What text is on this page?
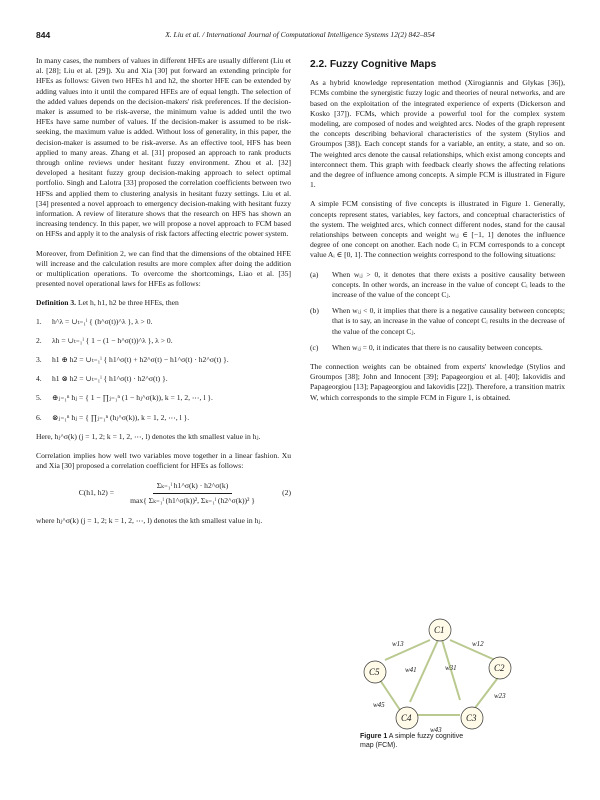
844	X. Liu et al. / International Journal of Computational Intelligence Systems 12(2) 842–854

In many cases, the numbers of values in different HFEs are usually different (Liu et al. [28]; Liu et al. [29]). Xu and Xia [30] put forward an extending principle for HFEs as follows: Given two HFEs h1 and h2, the shorter HFE can be extended by adding values into it until the compared HFEs are of equal length. The selection of the added values depends on the decision-makers' risk preferences. If the decision-maker is assumed to be risk-averse, the minimum value is added until the two HFEs have same number of values. If the decision-maker is assumed to be risk-seeking, the maximum value is added. Without loss of generality, in this paper, the decision-maker is assumed to be risk-averse. As an effective tool, HFS has been applied to many areas. Zhang et al. [31] proposed an approach to rank products through online reviews under hesitant fuzzy environment. Zhou et al. [32] developed a hesitant fuzzy group decision-making approach to select optimal portfolio. Singh and Lalotra [33] proposed the correlation coefficients between two HFSs and applied them to clustering analysis in hesitant fuzzy settings. Liu et al. [34] presented a novel approach to emergency decision-making with hesitant fuzzy information. A review of literature shows that the research on HFS has shown an increasing tendency. In this paper, we will propose a novel approach to FCM based on HFSs and apply it to the analysis of risk factors affecting electric power system.

Moreover, from Definition 2, we can find that the dimensions of the obtained HFE will increase and the calculation results are more complex after doing the addition or multiplication operations. To overcome the shortcomings, Liao et al. [35] presented novel operational laws for HFEs as follows:

Definition 3. Let h, h1, h2 be three HFEs, then
1.	h^λ = ∪ₜ₌₁ˡ { (h^σ(t))^λ }, λ > 0.
2.	λh = ∪ₜ₌₁ˡ { 1 − (1 − h^σ(t))^λ }, λ > 0.
3.	h1 ⊕ h2 = ∪ₜ₌₁ˡ { h1^σ(t) + h2^σ(t) − h1^σ(t) · h2^σ(t) }.
4.	h1 ⊗ h2 = ∪ₜ₌₁ˡ { h1^σ(t) · h2^σ(t) }.
5.	⊕ⱼ₌₁ⁿ hⱼ = { 1 − ∏ⱼ₌₁ⁿ (1 − hⱼ^σ(k)), k = 1, 2, ⋯, l }.
6.	⊗ⱼ₌₁ⁿ hⱼ = { ∏ⱼ₌₁ⁿ (hⱼ^σ(k)), k = 1, 2, ⋯, l }.

Here, hⱼ^σ(k) (j = 1, 2; k = 1, 2, ⋯, l) denotes the kth smallest value in hⱼ.

Correlation implies how well two variables move together in a linear fashion. Xu and Xia [30] proposed a correlation coefficient for HFEs as follows:

C(h1, h2) =
Σₖ₌₁ˡ h1^σ(k) · h2^σ(k)
max{ Σₖ₌₁ˡ (h1^σ(k))², Σₖ₌₁ˡ (h2^σ(k))² }
(2)

where hⱼ^σ(k) (j = 1, 2; k = 1, 2, ⋯, l) denotes the kth smallest value in hⱼ.

2.2. Fuzzy Cognitive Maps

As a hybrid knowledge representation method (Xirogiannis and Glykas [36]), FCMs combine the synergistic fuzzy logic and theories of neural networks, and are based on the exploitation of the integrated experience of experts (Dickerson and Kosko [37]). FCMs, which provide a powerful tool for the complex system modeling, are composed of nodes and weighted arcs. Nodes of the graph represent the concepts describing behavioral characteristics of the system (Stylios and Groumpos [38]). Each concept stands for a variable, an entity, a state, and so on. The weighted arcs denote the causal relationships, which exist among concepts and interconnect them. This graph with feedback clearly shows the affecting relations and the degree of influence among concepts. A simple FCM is illustrated in Figure 1.

A simple FCM consisting of five concepts is illustrated in Figure 1. Generally, concepts represent states, variables, key factors, and conceptual characteristics of the system. The weighted arcs, which connect different nodes, stand for the causal relationships between concepts and weight wᵢⱼ ∈ [−1, 1] denotes the influence degree of one concept on another. Each node Cᵢ in FCM corresponds to a concept value Aᵢ ∈ [0, 1]. The connection weights correspond to the following situations:

(a)	When wᵢⱼ > 0, it denotes that there exists a positive causality between concepts. In other words, an increase in the value of concept Cᵢ leads to the increase of the value of the concept Cⱼ.
(b)	When wᵢⱼ < 0, it implies that there is a negative causality between concepts; that is to say, an increase in the value of concept Cᵢ results in the decrease of the value of the concept Cⱼ.
(c)	When wᵢⱼ = 0, it indicates that there is no causality between concepts.

The connection weights can be obtained from experts' knowledge (Stylios and Groumpos [38]; John and Innocent [39]; Papageorgiou et al. [40]; Iakovidis and Papageorgiou [13]; Papageorgiou and Iakovidis [22]). Therefore, a transition matrix W, which corresponds to the simple FCM in Figure 1, is obtained.

C1
C2
C3
C4
C5
w12
w13
w23
w31
w41
w43
w45
Figure 1 A simple fuzzy cognitive map (FCM).
